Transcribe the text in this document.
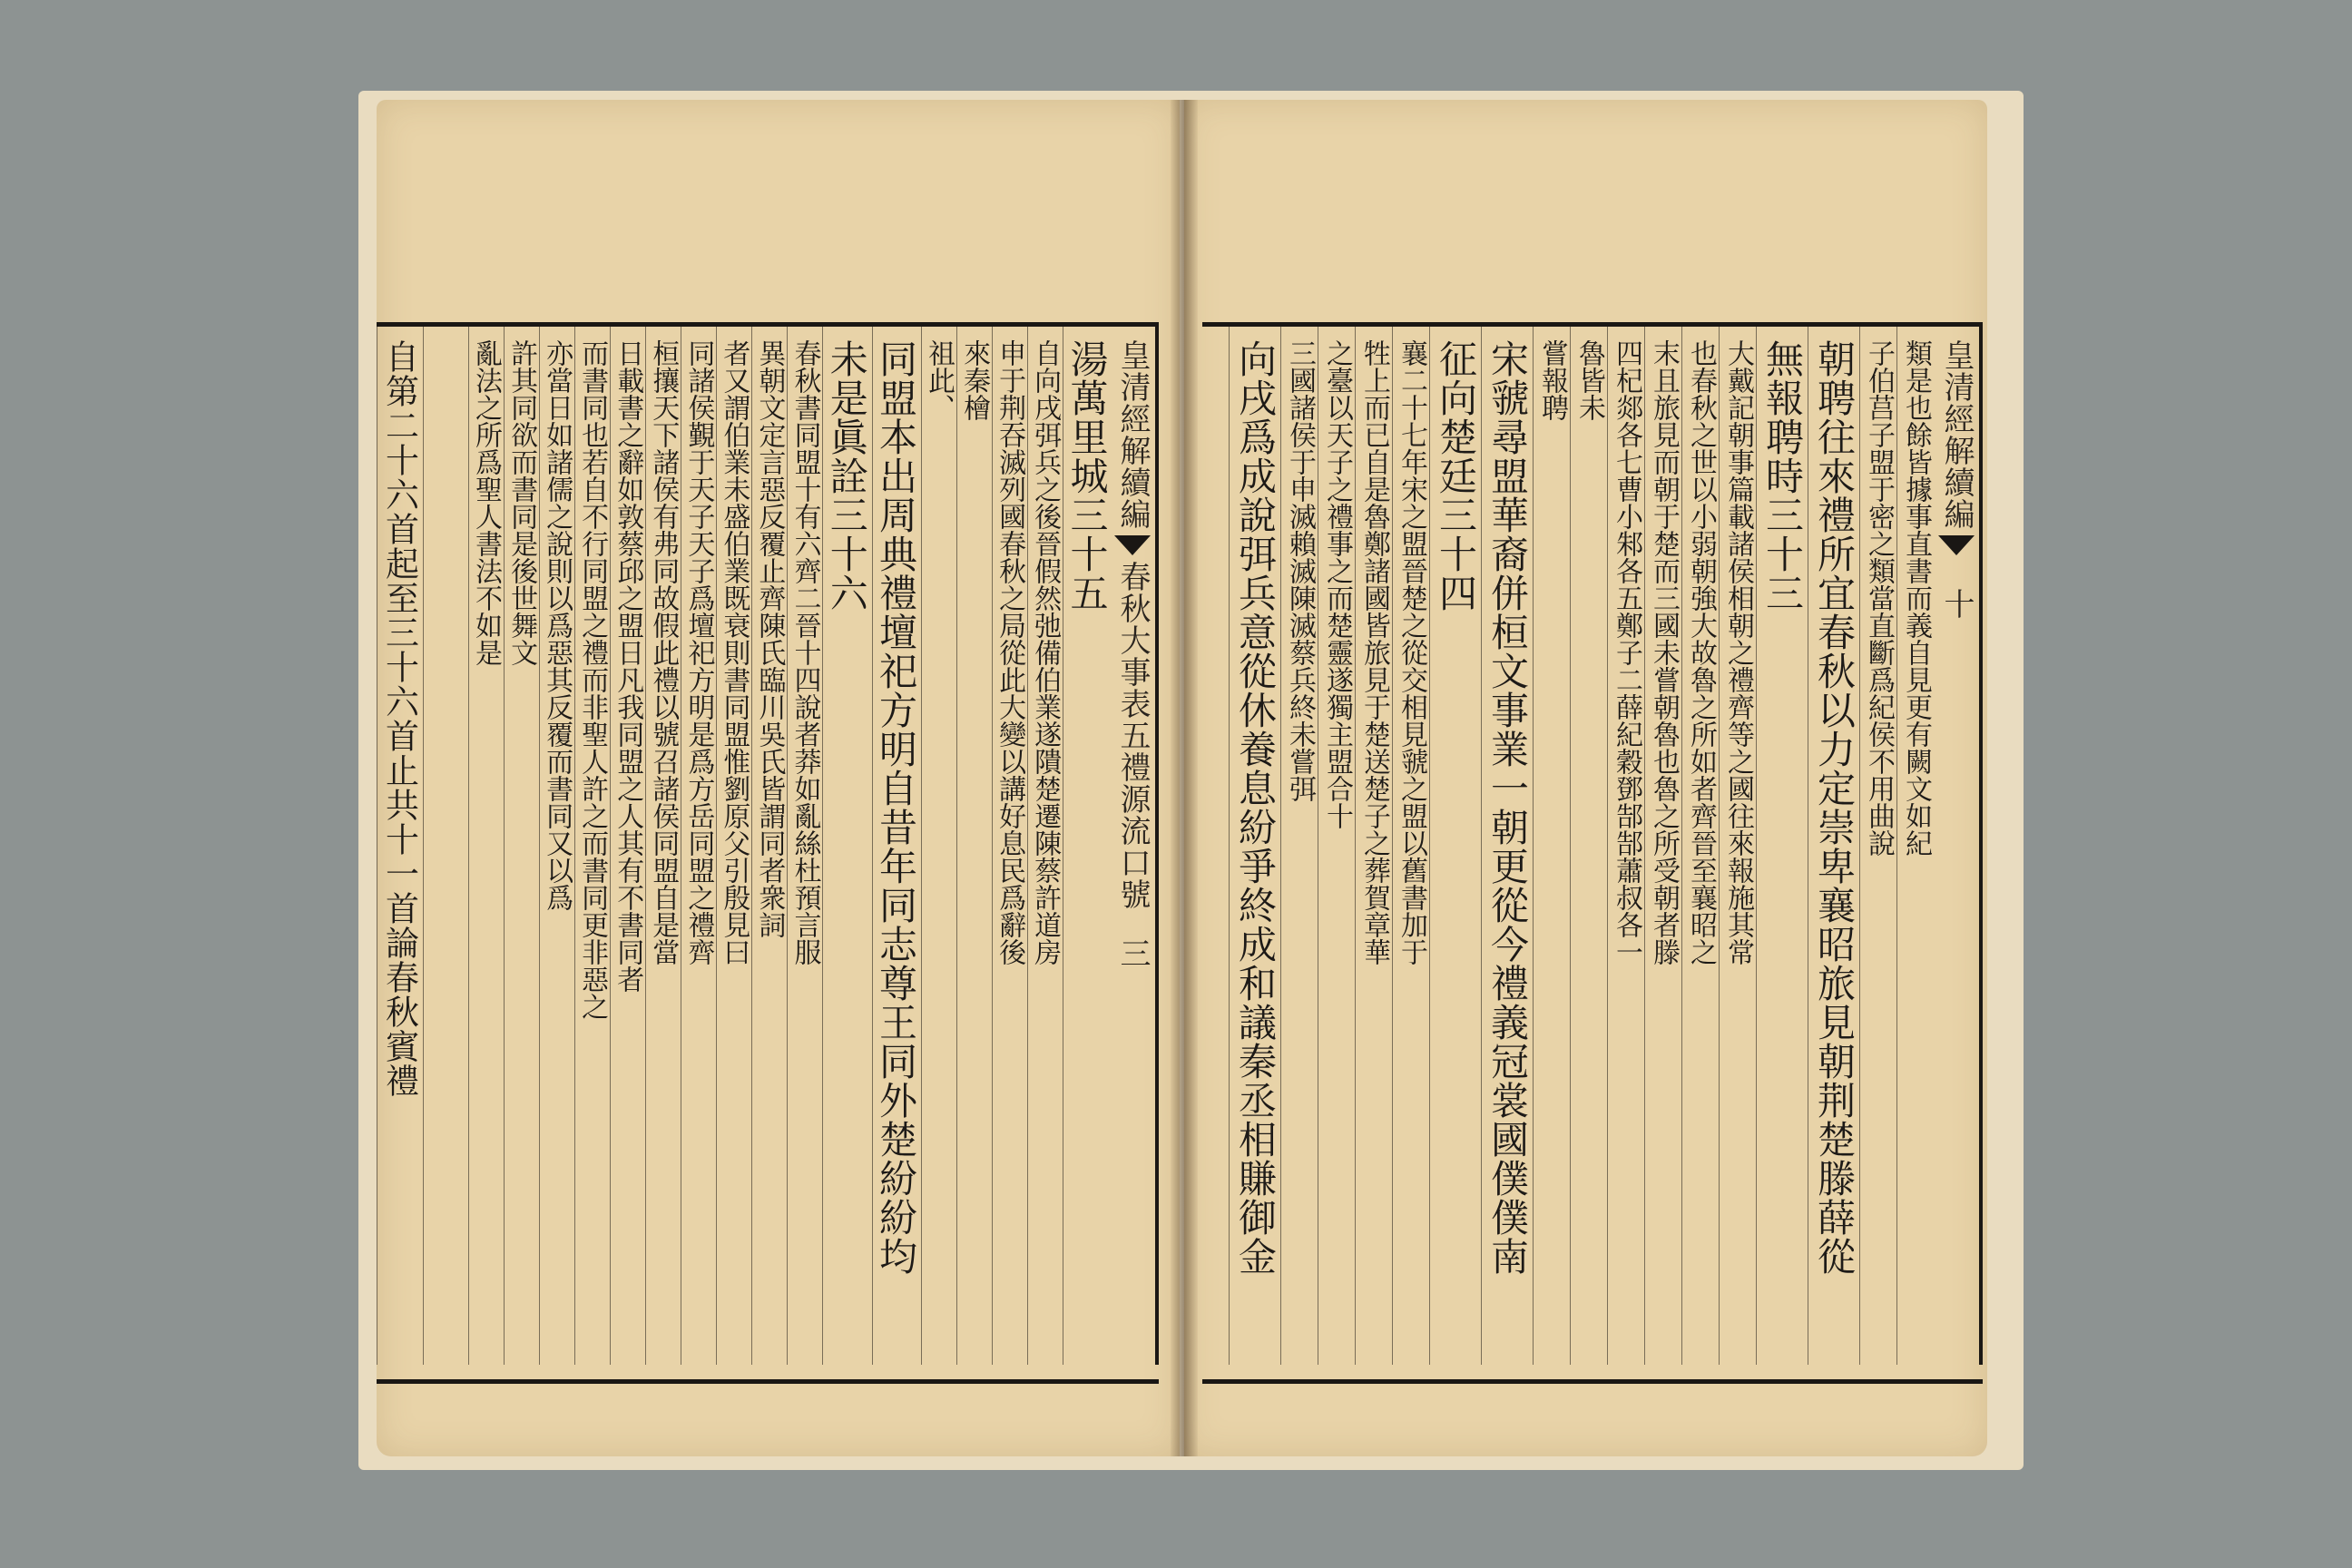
皇清經解續編春秋大事表五禮源流口號三
湯萬里城三十五
自向戌弭兵之後晉假然弛備伯業遂隤楚遷陳蔡許道房
申于荆吞滅列國春秋之局從此大變以講好息民爲辭後
來秦檜
祖此、
同盟本出周典禮壇祀方明自昔年同志尊王同外楚紛紛均
未是眞詮三十六
春秋書同盟十有六齊二晉十四說者莽如亂絲杜預言服
異朝文定言惡反覆止齊陳氏臨川吳氏皆謂同者衆詞
者又謂伯業未盛伯業既衰則書同盟惟劉原父引殷見曰
同諸侯覲于天子天子爲壇祀方明是爲方岳同盟之禮齊
桓攘天下諸侯有弗同故假此禮以號召諸侯同盟自是當
日載書之辭如敦蔡邱之盟日凡我同盟之人其有不書同者
而書同也若自不行同盟之禮而非聖人許之而書同更非惡之
亦當日如諸儒之說則以爲惡其反覆而書同又以爲
許其同欲而書同是後世舞文
亂法之所爲聖人書法不如是
自第二十六首起至三十六首止共十一首論春秋賓禮	皇清經解續編十
類是也餘皆據事直書而義自見更有闕文如紀
子伯莒子盟于密之類當直斷爲紀侯不用曲說
朝聘往來禮所宜春秋以力定崇卑襄昭旅見朝荆楚滕薛從
無報聘時三十三
大戴記朝事篇載諸侯相朝之禮齊等之國往來報施其常
也春秋之世以小弱朝強大故魯之所如者齊晉至襄昭之
末且旅見而朝于楚而三國未嘗朝魯也魯之所受朝者滕
四杞郯各七曹小邾各五鄭子二薛紀穀鄧郜郜蕭叔各一
魯皆未
嘗報聘
宋虢尋盟華裔併桓文事業一朝更從今禮義冠裳國僕僕南
征向楚廷三十四
襄二十七年宋之盟晉楚之從交相見虢之盟以舊書加于
牲上而已自是魯鄭諸國皆旅見于楚送楚子之葬賀章華
之臺以天子之禮事之而楚靈遂獨主盟合十
三國諸侯于申滅賴滅陳滅蔡兵終未嘗弭
向戌爲成說弭兵意從休養息紛爭終成和議秦丞相賺御金
